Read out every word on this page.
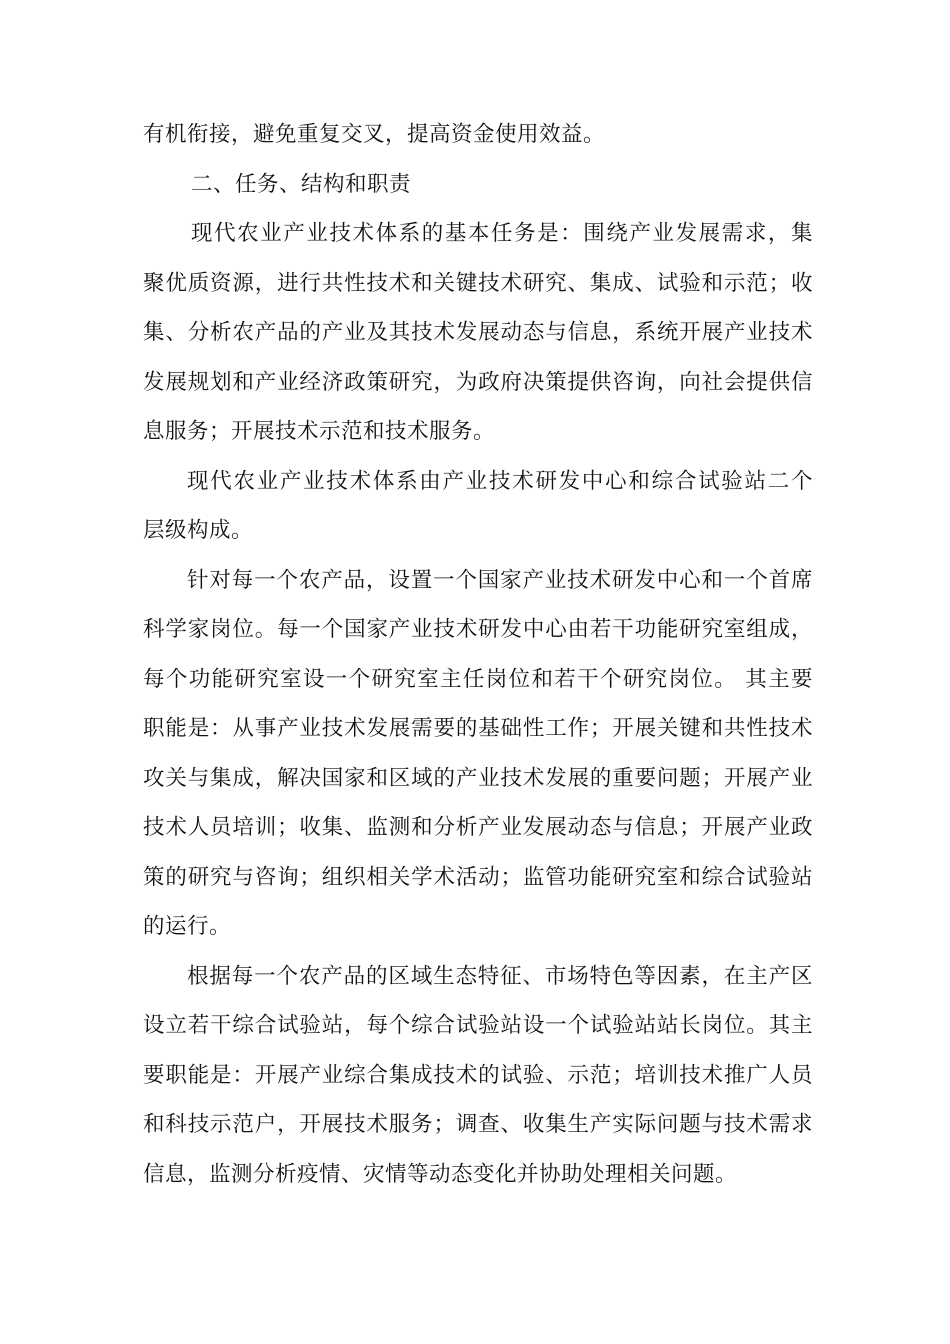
有机衔接，避免重复交叉，提高资金使用效益。
二、任务、结构和职责
现代农业产业技术体系的基本任务是：围绕产业发展需求，集
聚优质资源，进行共性技术和关键技术研究、集成、试验和示范；收
集、分析农产品的产业及其技术发展动态与信息，系统开展产业技术
发展规划和产业经济政策研究，为政府决策提供咨询，向社会提供信
息服务；开展技术示范和技术服务。
现代农业产业技术体系由产业技术研发中心和综合试验站二个
层级构成。
针对每一个农产品，设置一个国家产业技术研发中心和一个首席
科学家岗位。每一个国家产业技术研发中心由若干功能研究室组成，
每个功能研究室设一个研究室主任岗位和若干个研究岗位。 其主要
职能是：从事产业技术发展需要的基础性工作；开展关键和共性技术
攻关与集成，解决国家和区域的产业技术发展的重要问题；开展产业
技术人员培训；收集、监测和分析产业发展动态与信息；开展产业政
策的研究与咨询；组织相关学术活动；监管功能研究室和综合试验站
的运行。
根据每一个农产品的区域生态特征、市场特色等因素，在主产区
设立若干综合试验站，每个综合试验站设一个试验站站长岗位。其主
要职能是：开展产业综合集成技术的试验、示范；培训技术推广人员
和科技示范户，开展技术服务；调查、收集生产实际问题与技术需求
信息，监测分析疫情、灾情等动态变化并协助处理相关问题。
